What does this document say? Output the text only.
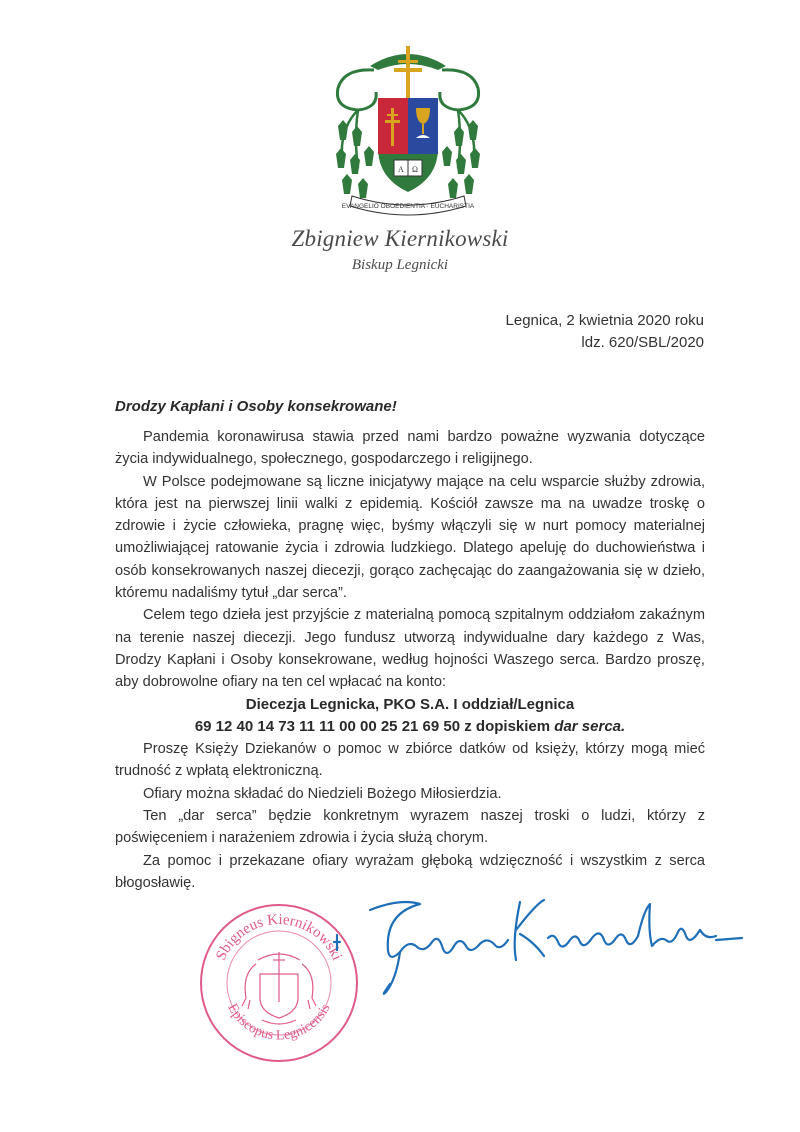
A Ω
EVANGELIO OBOEDIENTIA · EUCHARISTIA
Zbigniew Kiernikowski
Biskup Legnicki
Legnica, 2 kwietnia 2020 roku
ldz. 620/SBL/2020
Drodzy Kapłani i Osoby konsekrowane!

Pandemia koronawirusa stawia przed nami bardzo poważne wyzwania dotyczące życia indywidualnego, społecznego, gospodarczego i religijnego.

W Polsce podejmowane są liczne inicjatywy mające na celu wsparcie służby zdrowia, która jest na pierwszej linii walki z epidemią. Kościół zawsze ma na uwadze troskę o zdrowie i życie człowieka, pragnę więc, byśmy włączyli się w nurt pomocy materialnej umożliwiającej ratowanie życia i zdrowia ludzkiego. Dlatego apeluję do duchowieństwa i osób konsekrowanych naszej diecezji, gorąco zachęcając do zaangażowania się w dzieło, któremu nadaliśmy tytuł „dar serca”.

Celem tego dzieła jest przyjście z materialną pomocą szpitalnym oddziałom zakaźnym na terenie naszej diecezji. Jego fundusz utworzą indywidualne dary każdego z Was, Drodzy Kapłani i Osoby konsekrowane, według hojności Waszego serca. Bardzo proszę, aby dobrowolne ofiary na ten cel wpłacać na konto:

Diecezja Legnicka, PKO S.A. I oddział/Legnica
69 12 40 14 73 11 11 00 00 25 21 69 50 z dopiskiem dar serca.

Proszę Księży Dziekanów o pomoc w zbiórce datków od księży, którzy mogą mieć trudność z wpłatą elektroniczną.

Ofiary można składać do Niedzieli Bożego Miłosierdzia.

Ten „dar serca” będzie konkretnym wyrazem naszej troski o ludzi, którzy z poświęceniem i narażeniem zdrowia i życia służą chorym.

Za pomoc i przekazane ofiary wyrażam głęboką wdzięczność i wszystkim z serca błogosławię.

Sbigneus Kiernikowski
Episcopus Legnicensis
